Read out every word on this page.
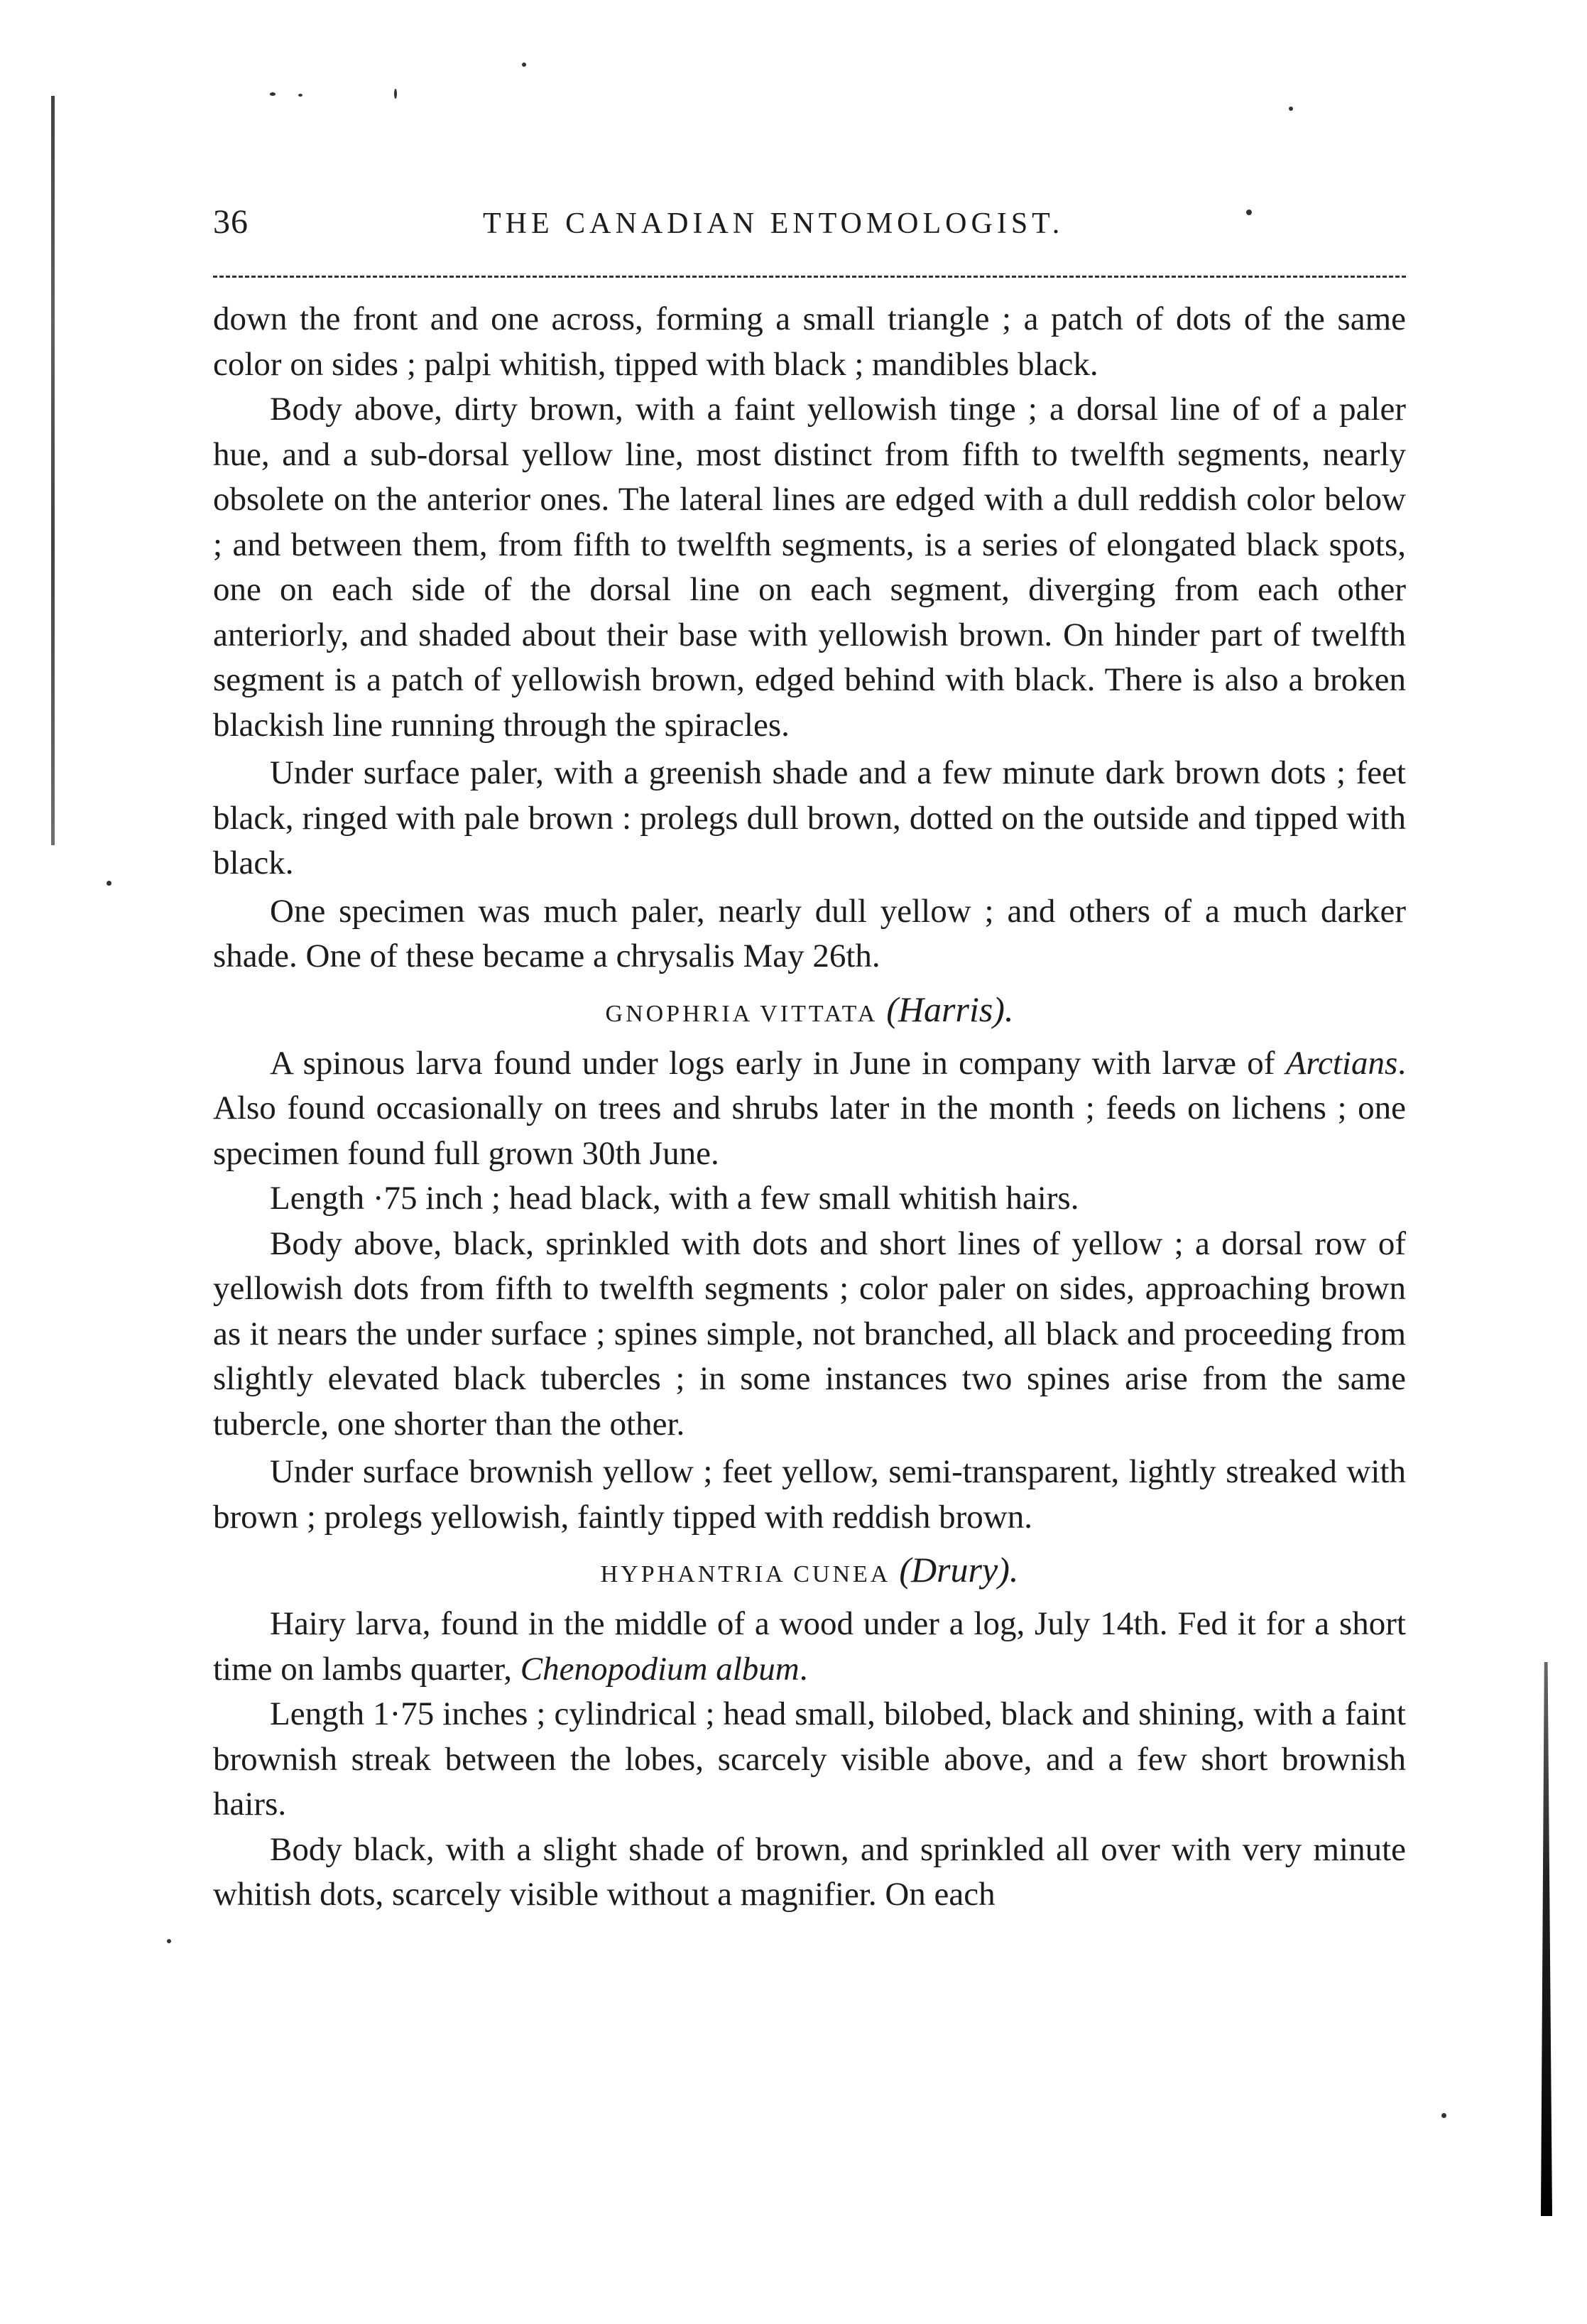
36	THE CANADIAN ENTOMOLOGIST.

down the front and one across, forming a small triangle ; a patch of dots of the same color on sides ; palpi whitish, tipped with black ; mandibles black.

Body above, dirty brown, with a faint yellowish tinge ; a dorsal line of of a paler hue, and a sub-dorsal yellow line, most distinct from fifth to twelfth segments, nearly obsolete on the anterior ones. The lateral lines are edged with a dull reddish color below ; and between them, from fifth to twelfth segments, is a series of elongated black spots, one on each side of the dorsal line on each segment, diverging from each other anteriorly, and shaded about their base with yellowish brown. On hinder part of twelfth segment is a patch of yellowish brown, edged behind with black. There is also a broken blackish line running through the spiracles.

Under surface paler, with a greenish shade and a few minute dark brown dots ; feet black, ringed with pale brown : prolegs dull brown, dotted on the outside and tipped with black.

One specimen was much paler, nearly dull yellow ; and others of a much darker shade. One of these became a chrysalis May 26th.

GNOPHRIA VITTATA (Harris).

A spinous larva found under logs early in June in company with larvæ of Arctians. Also found occasionally on trees and shrubs later in the month ; feeds on lichens ; one specimen found full grown 30th June.

Length ·75 inch ; head black, with a few small whitish hairs.

Body above, black, sprinkled with dots and short lines of yellow ; a dorsal row of yellowish dots from fifth to twelfth segments ; color paler on sides, approaching brown as it nears the under surface ; spines simple, not branched, all black and proceeding from slightly elevated black tubercles ; in some instances two spines arise from the same tubercle, one shorter than the other.

Under surface brownish yellow ; feet yellow, semi-transparent, lightly streaked with brown ; prolegs yellowish, faintly tipped with reddish brown.

HYPHANTRIA CUNEA (Drury).

Hairy larva, found in the middle of a wood under a log, July 14th. Fed it for a short time on lambs quarter, Chenopodium album.

Length 1·75 inches ; cylindrical ; head small, bilobed, black and shining, with a faint brownish streak between the lobes, scarcely visible above, and a few short brownish hairs.

Body black, with a slight shade of brown, and sprinkled all over with very minute whitish dots, scarcely visible without a magnifier. On each
